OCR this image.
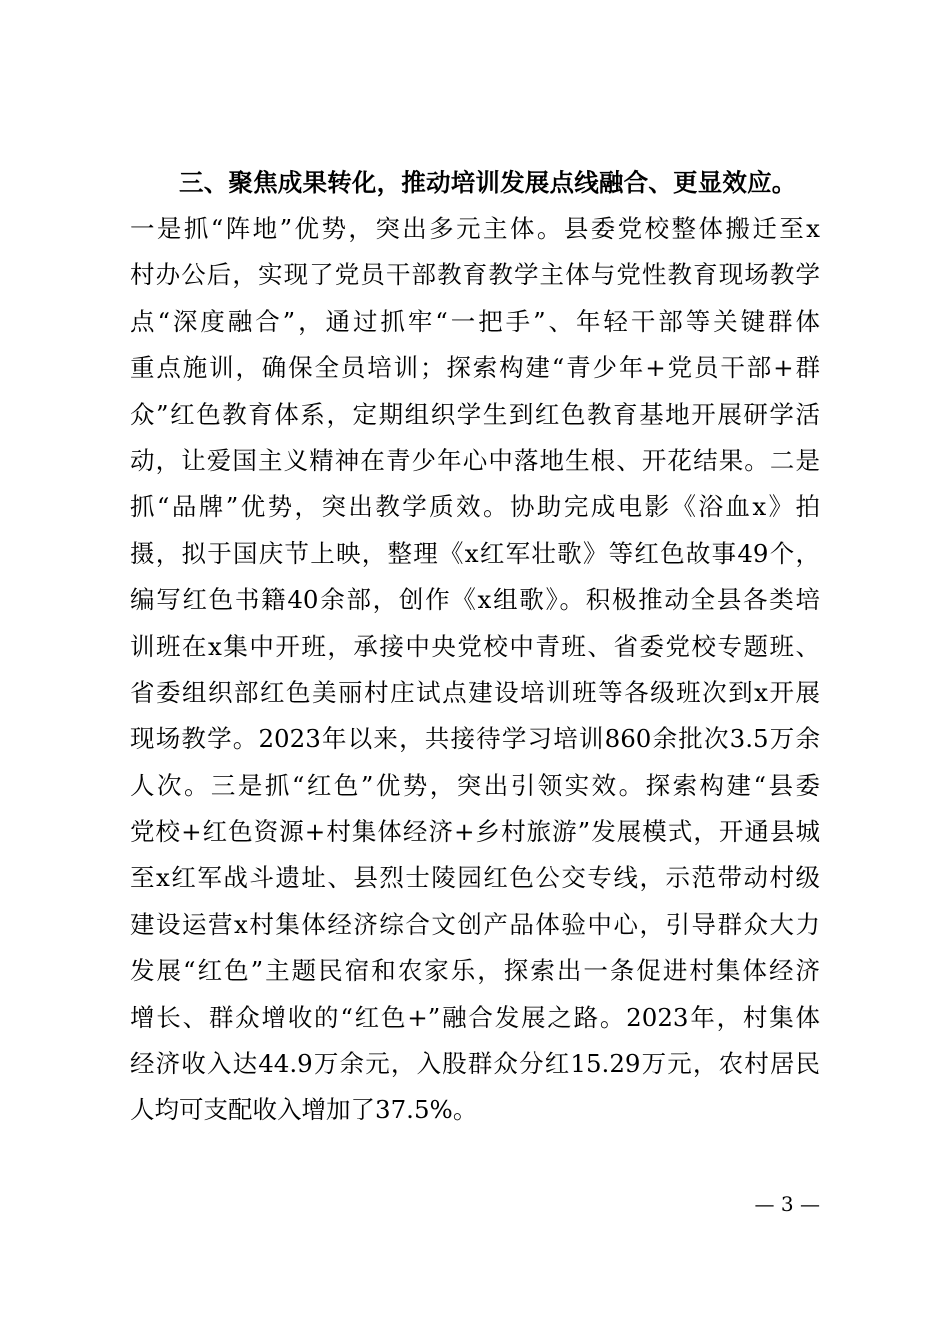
三、聚焦成果转化，推动培训发展点线融合、更显效应。

一是抓“阵地”优势，突出多元主体。县委党校整体搬迁至x

村办公后，实现了党员干部教育教学主体与党性教育现场教学

点“深度融合”，通过抓牢“一把手”、年轻干部等关键群体

重点施训，确保全员培训；探索构建“青少年+党员干部+群

众”红色教育体系，定期组织学生到红色教育基地开展研学活

动，让爱国主义精神在青少年心中落地生根、开花结果。二是

抓“品牌”优势，突出教学质效。协助完成电影《浴血x》拍

摄，拟于国庆节上映，整理《x红军壮歌》等红色故事49个，

编写红色书籍40余部，创作《x组歌》。积极推动全县各类培

训班在x集中开班，承接中央党校中青班、省委党校专题班、

省委组织部红色美丽村庄试点建设培训班等各级班次到x开展

现场教学。2023年以来，共接待学习培训860余批次3.5万余

人次。三是抓“红色”优势，突出引领实效。探索构建“县委

党校+红色资源+村集体经济+乡村旅游”发展模式，开通县城

至x红军战斗遗址、县烈士陵园红色公交专线，示范带动村级

建设运营x村集体经济综合文创产品体验中心，引导群众大力

发展“红色”主题民宿和农家乐，探索出一条促进村集体经济

增长、群众增收的“红色+”融合发展之路。2023年，村集体

经济收入达44.9万余元，入股群众分红15.29万元，农村居民

人均可支配收入增加了37.5%。

— 3 —
